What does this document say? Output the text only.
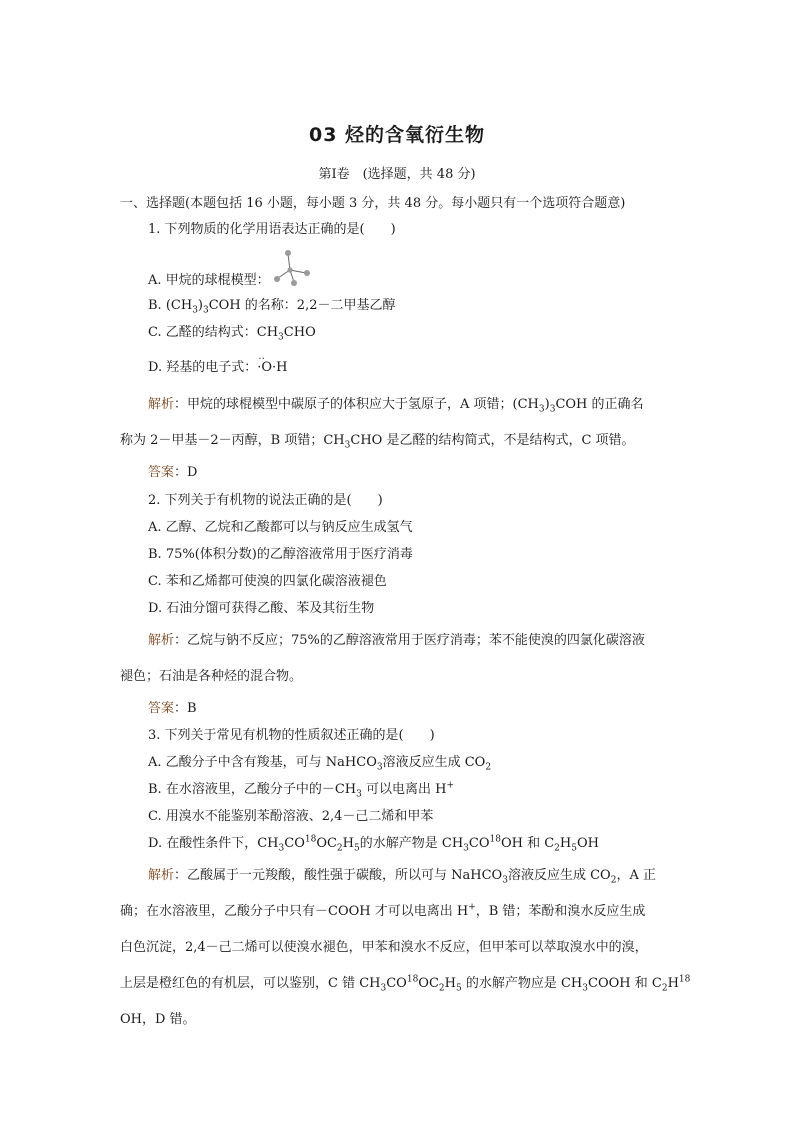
03 烃的含氧衍生物
第Ⅰ卷　(选择题，共 48 分)
一、选择题(本题包括 16 小题，每小题 3 分，共 48 分。每小题只有一个选项符合题意)
1. 下列物质的化学用语表达正确的是(　　)
A. 甲烷的球棍模型：
B. $(CH_3)_3COH$ 的名称：2,2－二甲基乙醇
C. 乙醛的结构式：$CH_3CHO$
D. 羟基的电子式：
‥
·O·H
解析：甲烷的球棍模型中碳原子的体积应大于氢原子，A 项错；$(CH_3)_3COH$ 的正确名
称为 2－甲基－2－丙醇，B 项错；$CH_3CHO$ 是乙醛的结构简式，不是结构式，C 项错。
答案：D
2. 下列关于有机物的说法正确的是(　　)
A. 乙醇、乙烷和乙酸都可以与钠反应生成氢气
B. 75%(体积分数)的乙醇溶液常用于医疗消毒
C. 苯和乙烯都可使溴的四氯化碳溶液褪色
D. 石油分馏可获得乙酸、苯及其衍生物
解析：乙烷与钠不反应；75%的乙醇溶液常用于医疗消毒；苯不能使溴的四氯化碳溶液
褪色；石油是各种烃的混合物。
答案：B
3. 下列关于常见有机物的性质叙述正确的是(　　)
A. 乙酸分子中含有羧基，可与 NaHCO$_3$溶液反应生成 $CO_2$
B. 在水溶液里，乙酸分子中的$-CH_3$ 可以电离出 H+
C. 用溴水不能鉴别苯酚溶液、2,4－己二烯和甲苯
D. 在酸性条件下，$CH_3CO^{18}OC_2H_5$的水解产物是 $CH_3CO^{18}OH$ 和 $C_2H_5OH$
解析：乙酸属于一元羧酸，酸性强于碳酸，所以可与 NaHCO$_3$溶液反应生成 $CO_2$，A 正
确；在水溶液里，乙酸分子中只有－COOH 才可以电离出 H+，B 错；苯酚和溴水反应生成
白色沉淀，2,4－己二烯可以使溴水褪色，甲苯和溴水不反应，但甲苯可以萃取溴水中的溴，
上层是橙红色的有机层，可以鉴别，C 错 $CH_3CO^{18}OC_2H_5$ 的水解产物应是 $CH_3COOH$ 和 $C_2H^{18}$
OH，D 错。
